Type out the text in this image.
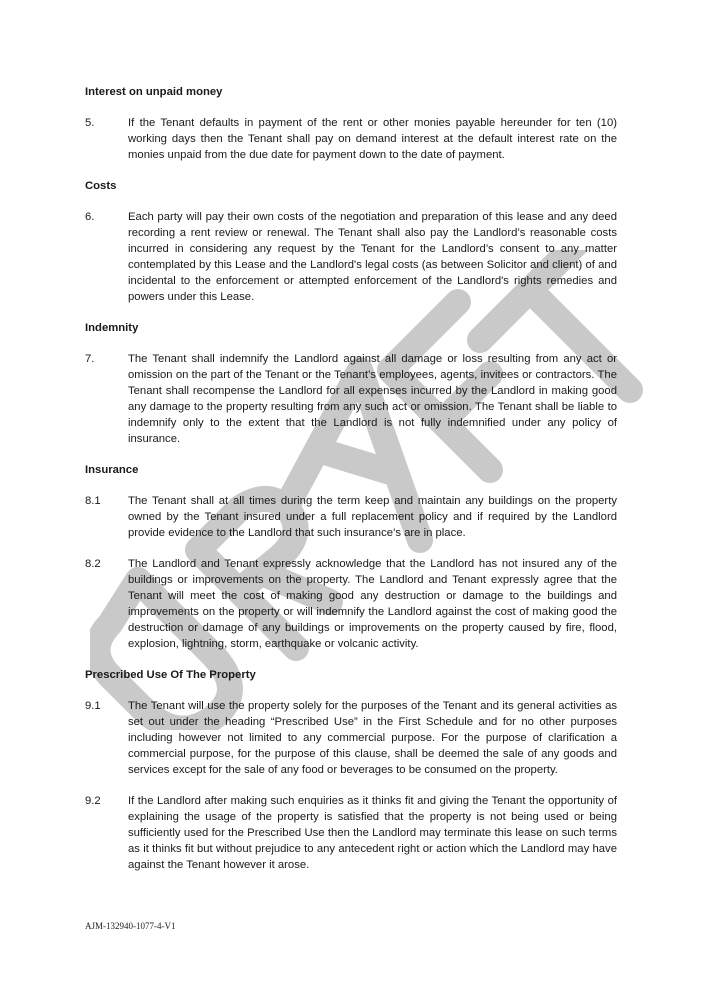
Interest on unpaid money
5.	If the Tenant defaults in payment of the rent or other monies payable hereunder for ten (10) working days then the Tenant shall pay on demand interest at the default interest rate on the monies unpaid from the due date for payment down to the date of payment.
Costs
6.	Each party will pay their own costs of the negotiation and preparation of this lease and any deed recording a rent review or renewal. The Tenant shall also pay the Landlord’s reasonable costs incurred in considering any request by the Tenant for the Landlord’s consent to any matter contemplated by this Lease and the Landlord's legal costs (as between Solicitor and client) of and incidental to the enforcement or attempted enforcement of the Landlord's rights remedies and powers under this Lease.
Indemnity
7.	The Tenant shall indemnify the Landlord against all damage or loss resulting from any act or omission on the part of the Tenant or the Tenant’s employees, agents, invitees or contractors. The Tenant shall recompense the Landlord for all expenses incurred by the Landlord in making good any damage to the property resulting from any such act or omission. The Tenant shall be liable to indemnify only to the extent that the Landlord is not fully indemnified under any policy of insurance.
Insurance
8.1	The Tenant shall at all times during the term keep and maintain any buildings on the property owned by the Tenant insured under a full replacement policy and if required by the Landlord provide evidence to the Landlord that such insurance’s are in place.
8.2	The Landlord and Tenant expressly acknowledge that the Landlord has not insured any of the buildings or improvements on the property. The Landlord and Tenant expressly agree that the Tenant will meet the cost of making good any destruction or damage to the buildings and improvements on the property or will indemnify the Landlord against the cost of making good the destruction or damage of any buildings or improvements on the property caused by fire, flood, explosion, lightning, storm, earthquake or volcanic activity.
Prescribed Use Of The Property
9.1	The Tenant will use the property solely for the purposes of the Tenant and its general activities as set out under the heading “Prescribed Use” in the First Schedule and for no other purposes including however not limited to any commercial purpose. For the purpose of clarification a commercial purpose, for the purpose of this clause, shall be deemed the sale of any goods and services except for the sale of any food or beverages to be consumed on the property.
9.2	If the Landlord after making such enquiries as it thinks fit and giving the Tenant the opportunity of explaining the usage of the property is satisfied that the property is not being used or being sufficiently used for the Prescribed Use then the Landlord may terminate this lease on such terms as it thinks fit but without prejudice to any antecedent right or action which the Landlord may have against the Tenant however it arose.
AJM-132940-1077-4-V1
